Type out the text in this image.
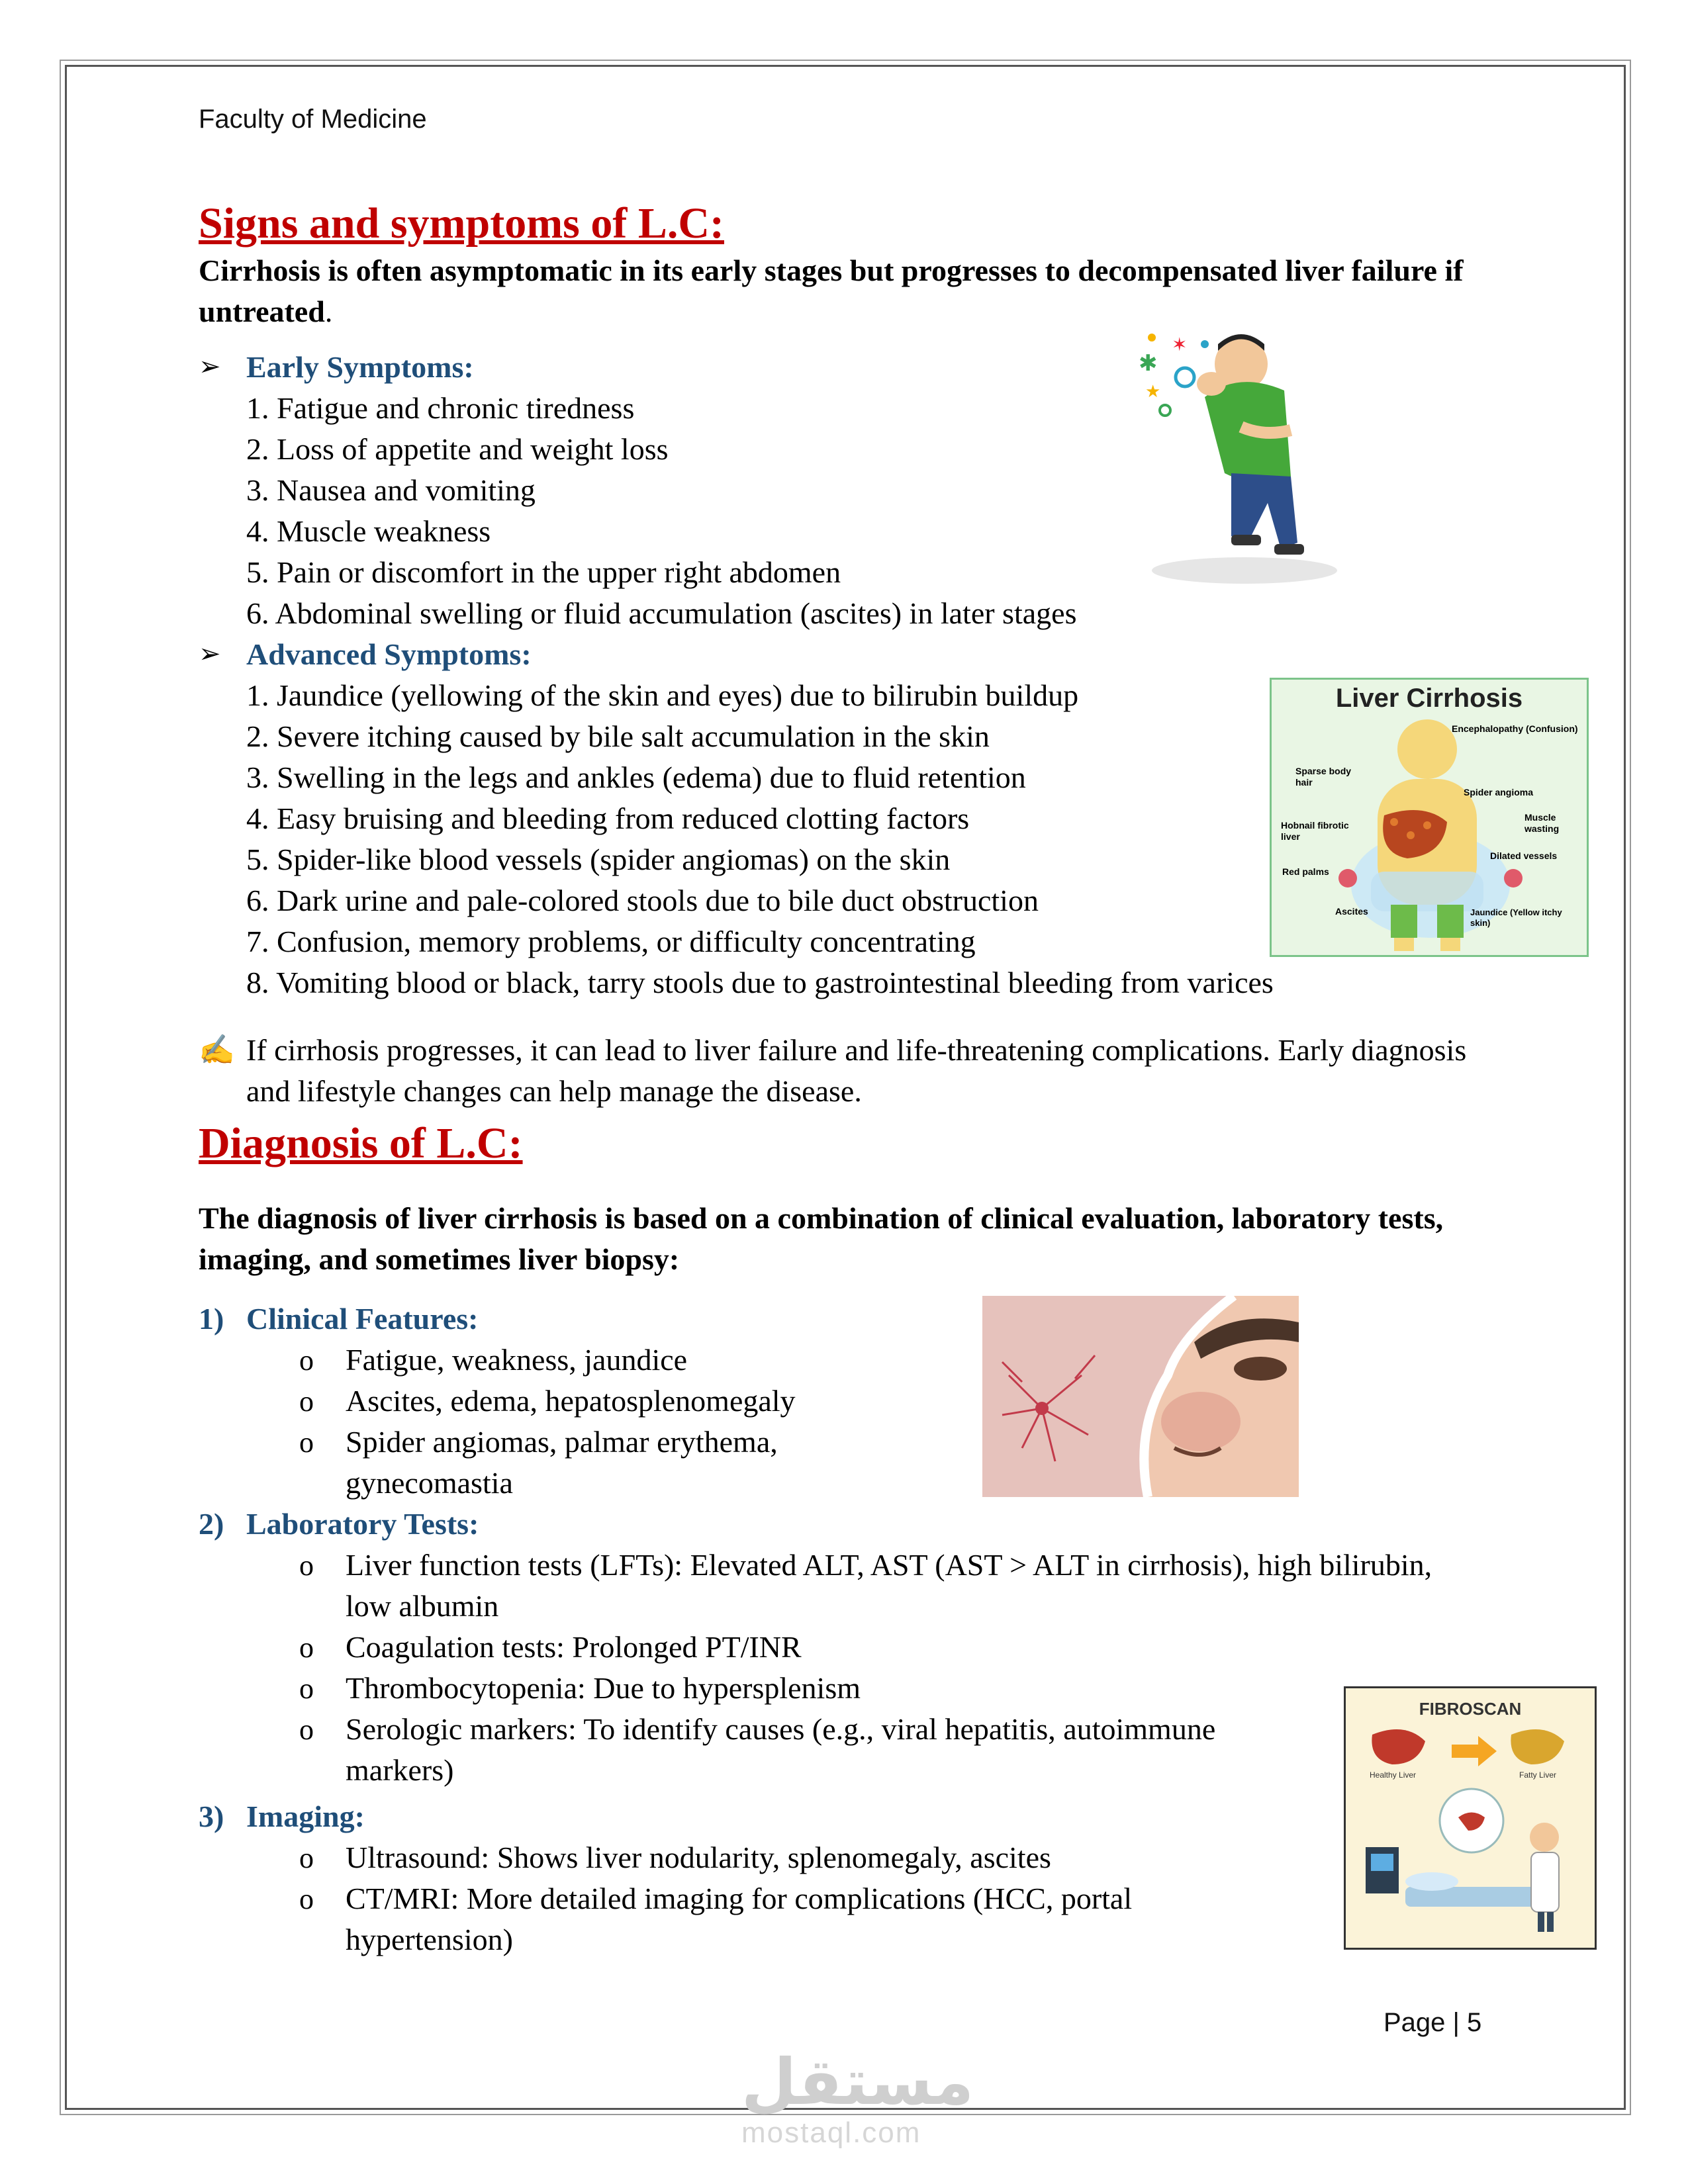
Faculty of Medicine
Signs and symptoms of L.C:
Cirrhosis is often asymptomatic in its early stages but progresses to decompensated liver failure if untreated.
➢ Early Symptoms:
1. Fatigue and chronic tiredness
2. Loss of appetite and weight loss
3. Nausea and vomiting
4. Muscle weakness
5. Pain or discomfort in the upper right abdomen
6. Abdominal swelling or fluid accumulation (ascites) in later stages
➢ Advanced Symptoms:
1. Jaundice (yellowing of the skin and eyes) due to bilirubin buildup
2. Severe itching caused by bile salt accumulation in the skin
3. Swelling in the legs and ankles (edema) due to fluid retention
4. Easy bruising and bleeding from reduced clotting factors
5. Spider-like blood vessels (spider angiomas) on the skin
6. Dark urine and pale-colored stools due to bile duct obstruction
7. Confusion, memory problems, or difficulty concentrating
8. Vomiting blood or black, tarry stools due to gastrointestinal bleeding from varices
✍ If cirrhosis progresses, it can lead to liver failure and life-threatening complications. Early diagnosis and lifestyle changes can help manage the disease.
✱
✶
★
Liver Cirrhosis
Encephalopathy (Confusion)
Sparse body hair
Spider angioma
Hobnail fibrotic liver
Muscle wasting
Red palms
Dilated vessels
Ascites	Jaundice (Yellow itchy skin)
Diagnosis of L.C:
The diagnosis of liver cirrhosis is based on a combination of clinical evaluation, laboratory tests, imaging, and sometimes liver biopsy:
1) Clinical Features:
o Fatigue, weakness, jaundice
o Ascites, edema, hepatosplenomegaly
o Spider angiomas, palmar erythema, gynecomastia
2) Laboratory Tests:
o Liver function tests (LFTs): Elevated ALT, AST (AST > ALT in cirrhosis), high bilirubin, low albumin
o Coagulation tests: Prolonged PT/INR
o Thrombocytopenia: Due to hypersplenism
o Serologic markers: To identify causes (e.g., viral hepatitis, autoimmune markers)
3) Imaging:
o Ultrasound: Shows liver nodularity, splenomegaly, ascites
o CT/MRI: More detailed imaging for complications (HCC, portal hypertension)
FIBROSCAN
Healthy Liver	Fatty Liver
Page | 5
مستقل
mostaql.com
